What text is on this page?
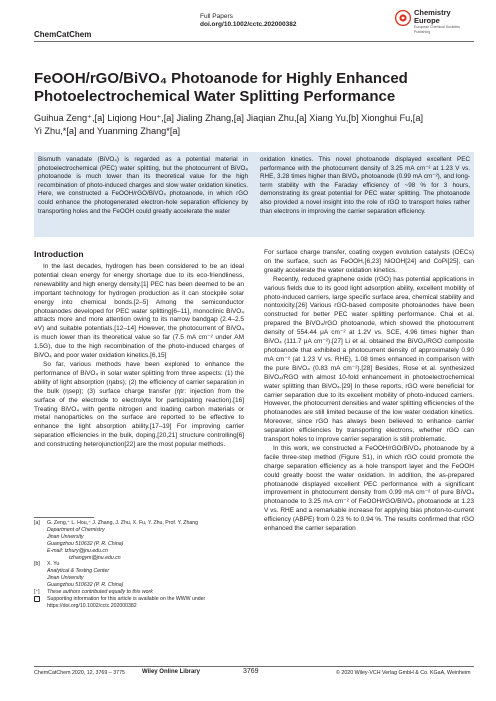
ChemCatChem
Full Papers
doi.org/10.1002/cctc.202000382
Chemistry
Europe
European Chemical Societies Publishing
FeOOH/rGO/BiVO₄ Photoanode for Highly Enhanced
Photoelectrochemical Water Splitting Performance
Guihua Zeng⁺,[a] Liqiong Hou⁺,[a] Jialing Zhang,[a] Jiaqian Zhu,[a] Xiang Yu,[b] Xionghui Fu,[a]
Yi Zhu,*[a] and Yuanming Zhang*[a]
Bismuth vanadate (BiVO₄) is regarded as a potential material in photoelectrochemical (PEC) water splitting, but the photocurrent of BiVO₄ photoanode is much lower than its theoretical value for the high recombination of photo-induced charges and slow water oxidation kinetics. Here, we constructed a FeOOH/rGO/BiVO₄ photoanode, in which rGO could enhance the photogenerated electron-hole separation efficiency by transporting holes and the FeOOH could greatly accelerate the water
oxidation kinetics. This novel photoanode displayed excellent PEC performance with the photocurrent density of 3.25 mA cm⁻² at 1.23 V vs. RHE, 3.28 times higher than BiVO₄ photoanode (0.99 mA cm⁻²), and long-term stability with the Faraday efficiency of ~98 % for 3 hours, demonstrating its great potential for PEC water splitting. The photoanode also provided a novel insight into the role of rGO to transport holes rather than electrons in improving the carrier separation efficiency.
Introduction

In the last decades, hydrogen has been considered to be an ideal potential clean energy for energy shortage due to its eco-friendliness, renewability and high energy density.[1] PEC has been deemed to be an important technology for hydrogen production as it can stockpile solar energy into chemical bonds.[2–5] Among the semiconductor photoanodes developed for PEC water splitting[6–11], monoclinic BiVO₄ attracts more and more attention owing to its narrow bandgap (2.4–2.5 eV) and suitable potentials.[12–14] However, the photocurrent of BiVO₄ is much lower than its theoretical value so far (7.5 mA cm⁻² under AM 1.5G), due to the high recombination of the photo-induced charges of BiVO₄ and poor water oxidation kinetics.[6,15]

So far, various methods have been explored to enhance the performance of BiVO₄ in solar water splitting from three aspects: (1) the ability of light absorption (ηabs); (2) the efficiency of carrier separation in the bulk (ηsep); (3) surface charge transfer (ηtr: injection from the surface of the electrode to electrolyte for participating reaction).[16] Treating BiVO₄ with gentle nitrogen and loading carbon materials or metal nanoparticles on the surface are reported to be effective to enhance the light absorption ability.[17–19] For improving carrier separation efficiencies in the bulk, doping,[20,21] structure controlling[6] and constructing heterojunction[22] are the most popular methods.

For surface charge transfer, coating oxygen evolution catalysts (OECs) on the surface, such as FeOOH,[6,23] NiOOH[24] and CoPi[25], can greatly accelerate the water oxidation kinetics.

Recently, reduced graphene oxide (rGO) has potential applications in various fields due to its good light adsorption ability, excellent mobility of photo-induced carriers, large specific surface area, chemical stability and nontoxicity.[26] Various rGO-based composite photoanodes have been constructed for better PEC water splitting performance. Chai et al. prepared the BiVO₄/rGO photoanode, which showed the photocurrent density of 554.44 μA cm⁻² at 1.2V vs. SCE, 4.96 times higher than BiVO₄ (111.7 μA cm⁻²).[27] Li et al. obtained the BiVO₄/RGO composite photoanode that exhibited a photocurrent density of approximately 0.90 mA cm⁻² (at 1.23 V vs. RHE), 1.08 times enhanced in comparison with the pure BiVO₄ (0.83 mA cm⁻²).[28] Besides, Rose et al. synthesized BiVO₄/RGO with almost 10-fold enhancement in photoelectrochemical water splitting than BiVO₄.[29] In these reports, rGO were beneficial for carrier separation due to its excellent mobility of photo-induced carriers. However, the photocurrent densities and water splitting efficiencies of the photoanodes are still limited because of the low water oxidation kinetics. Moreover, since rGO has always been believed to enhance carrier separation efficiencies by transporting electrons, whether rGO can transport holes to improve carrier separation is still problematic.

In this work, we constructed a FeOOH/rGO/BiVO₄ photoanode by a facile three-step method (Figure S1), in which rGO could promote the charge separation efficiency as a hole transport layer and the FeOOH could greatly boost the water oxidation. In addition, the as-prepared photoanode displayed excellent PEC performance with a significant improvement in photocurrent density from 0.99 mA cm⁻² of pure BiVO₄ photoanode to 3.25 mA cm⁻² of FeOOH/rGO/BiVO₄ photoanode at 1.23 V vs. RHE and a remarkable increase for applying bias photon-to-current efficiency (ABPE) from 0.23 % to 0.94 %. The results confirmed that rGO enhanced the carrier separation

[a] G. Zeng,⁺ L. Hou,⁺ J. Zhang, J. Zhu, X. Fu, Y. Zhu, Prof. Y. Zhang
Department of Chemistry
Jinan University
Guangzhou 510632 (P. R. China)
E-mail: tzhury@jnu.edu.cn
tzhangym@jnu.edu.cn
[b] X. Yu
Analytical & Testing Center
Jinan University
Guangzhou 510632 (P. R. China)
[⁺] These authors contributed equally to this work
Supporting information for this article is available on the WWW under
https://doi.org/10.1002/cctc.202000382
ChemCatChem 2020, 12, 3769 – 3775	Wiley Online Library	3769	© 2020 Wiley-VCH Verlag GmbH & Co. KGaA, Weinheim
